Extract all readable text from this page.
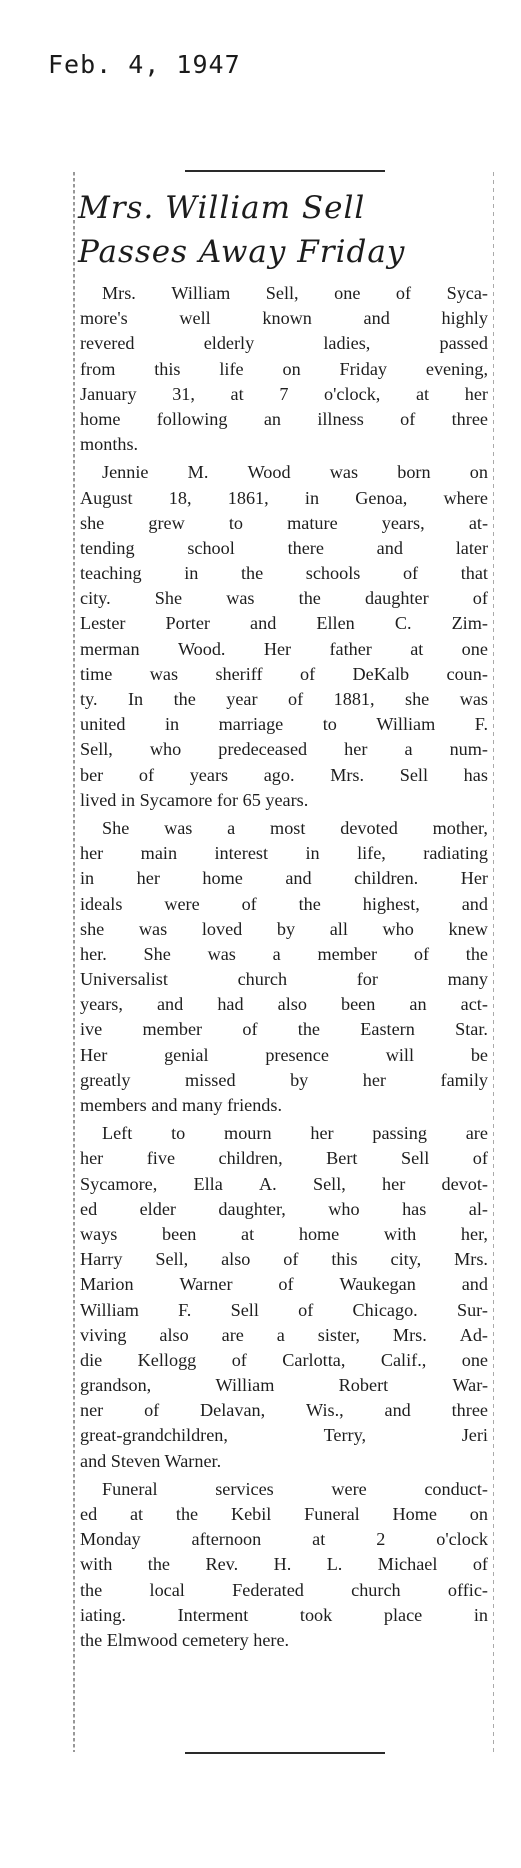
Feb. 4, 1947
Mrs. William Sell
Passes Away Friday
Mrs. William Sell, one of Syca-
more's	well	known	and	highly
revered	elderly	ladies,	passed
from this life on Friday evening,
January 31, at 7 o'clock, at her
home following an illness of three
months.
Jennie M. Wood was born on
August 18, 1861, in Genoa, where
she grew to mature years, at-
tending	school	there	and	later
teaching in the schools of that
city. She was the daughter of
Lester Porter and Ellen C. Zim-
merman Wood. Her father at one
time was sheriff of DeKalb coun-
ty. In the year of 1881, she was
united in marriage to William F.
Sell, who predeceased her a num-
ber of years ago. Mrs. Sell has
lived in Sycamore for 65 years.
She was a most devoted mother,
her main interest in life, radiating
in her home and children. Her
ideals were of the highest, and
she was loved by all who knew
her. She was a member of the
Universalist	church	for	many
years, and had also been an act-
ive member of the Eastern Star.
Her	genial	presence	will	be
greatly	missed	by	her	family
members and many friends.
Left to mourn her passing are
her five children, Bert Sell of
Sycamore, Ella A. Sell, her devot-
ed elder daughter, who has al-
ways been at home with her,
Harry Sell, also of this city, Mrs.
Marion	Warner	of	Waukegan	and
William F. Sell of Chicago. Sur-
viving also are a sister, Mrs. Ad-
die Kellogg of Carlotta, Calif., one
grandson,	William	Robert	War-
ner of Delavan, Wis., and three
great-grandchildren,	Terry,	Jeri
and Steven Warner.
Funeral	services	were	conduct-
ed at the Kebil Funeral Home on
Monday	afternoon	at	2	o'clock
with the Rev. H. L. Michael of
the	local	Federated	church	offic-
iating.	Interment	took	place	in
the Elmwood cemetery here.
